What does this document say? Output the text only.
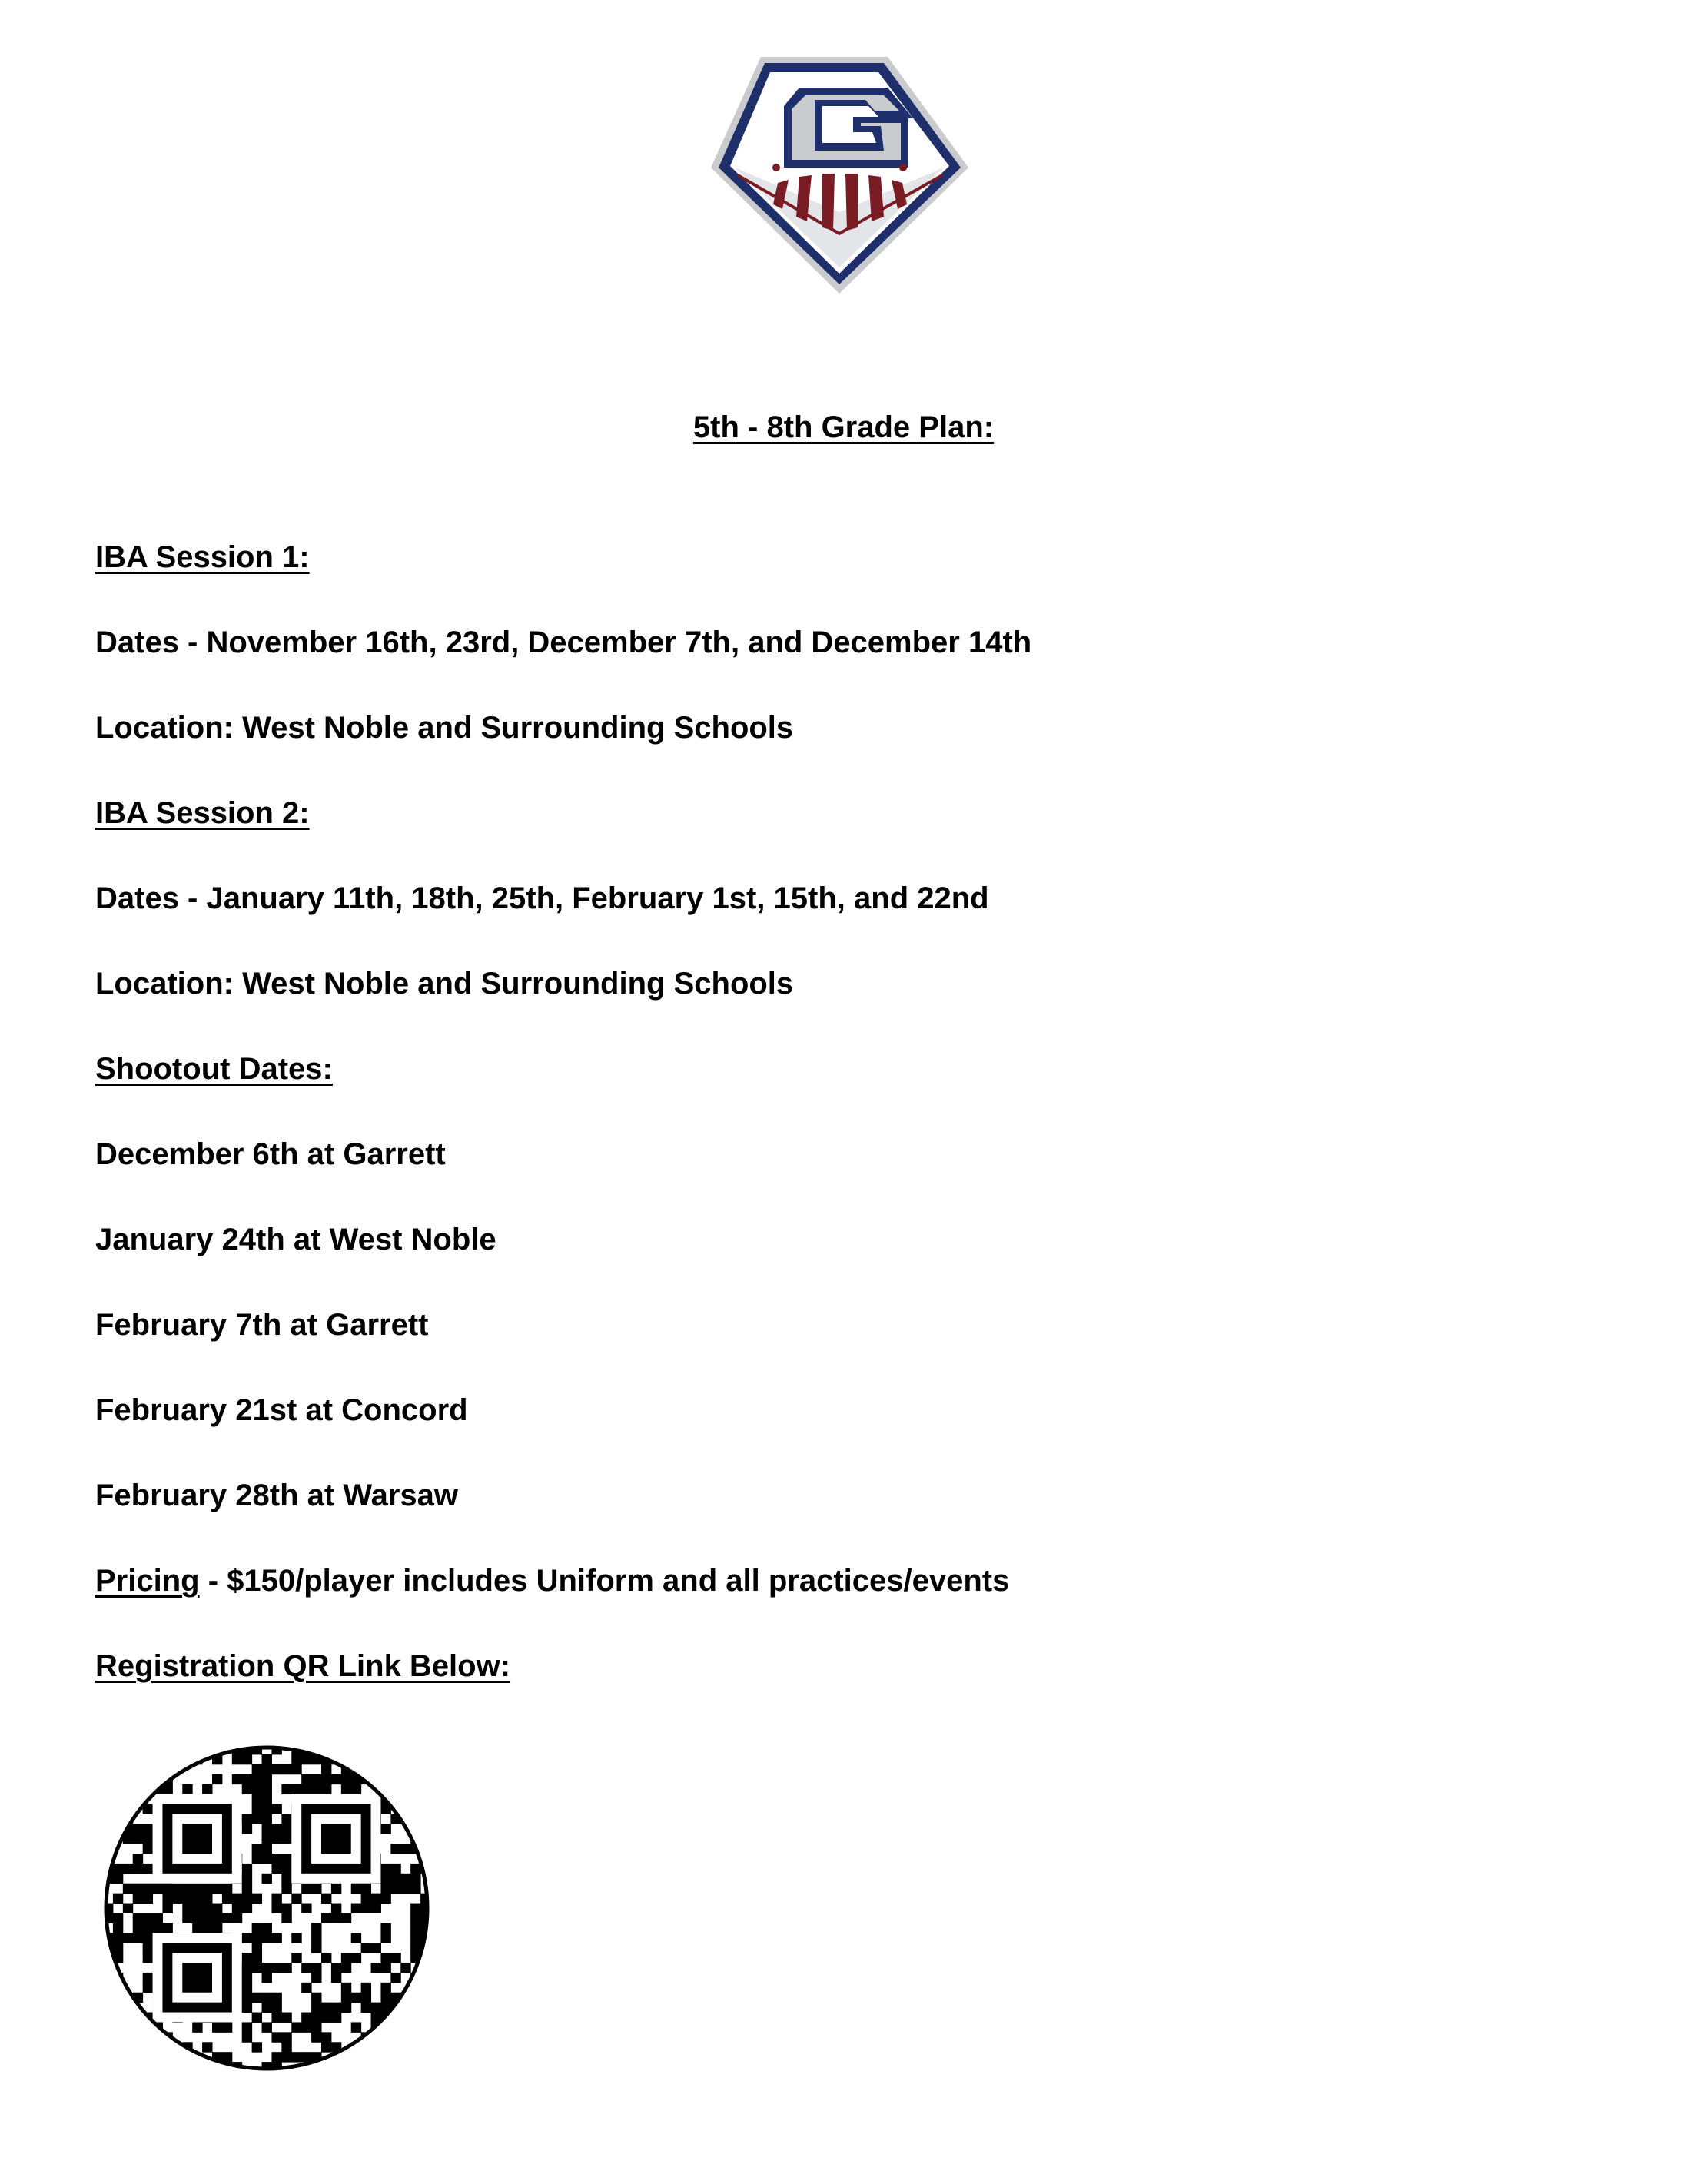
5th - 8th Grade Plan:

IBA Session 1:

Dates - November 16th, 23rd, December 7th, and December 14th

Location: West Noble and Surrounding Schools

IBA Session 2:

Dates - January 11th, 18th, 25th, February 1st, 15th, and 22nd

Location: West Noble and Surrounding Schools

Shootout Dates:

December 6th at Garrett

January 24th at West Noble

February 7th at Garrett

February 21st at Concord

February 28th at Warsaw

Pricing - $150/player includes Uniform and all practices/events

Registration QR Link Below:
